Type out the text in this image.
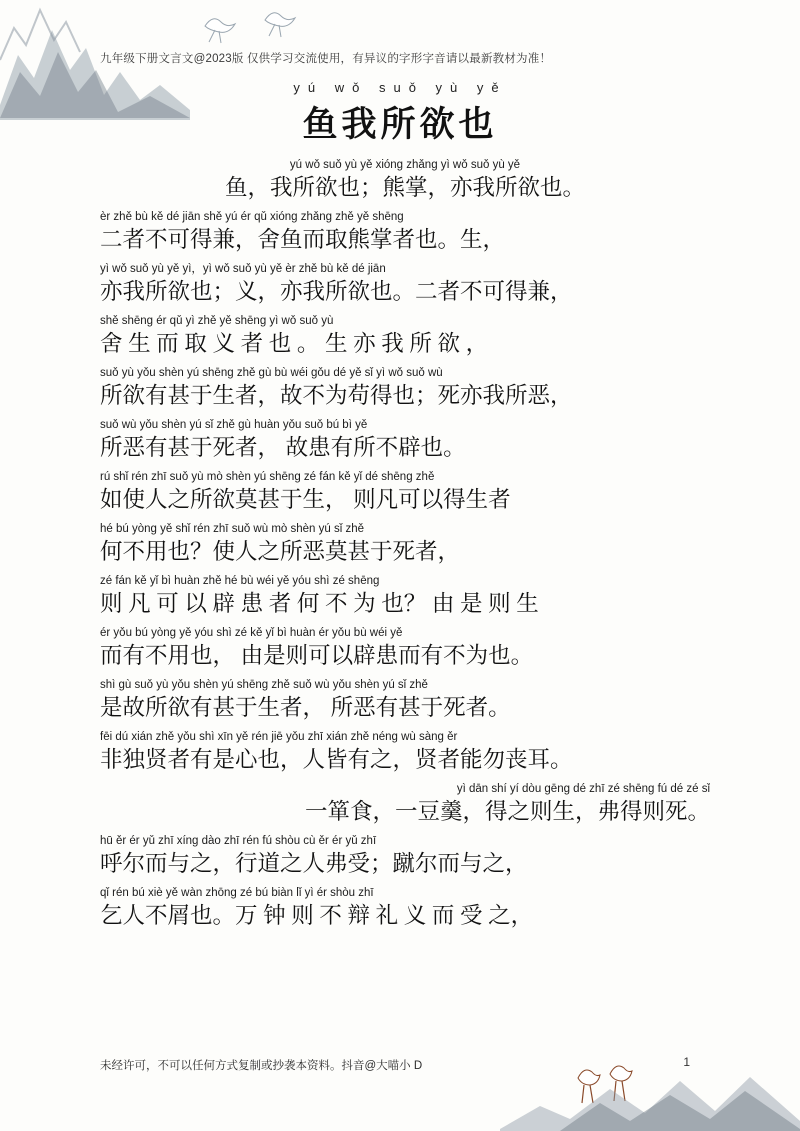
九年级下册文言文@2023版 仅供学习交流使用，有异议的字形字音请以最新教材为准！
yú wǒ suǒ yù yě
鱼我所欲也
yú wǒ suǒ yù yě xióng zhǎng yì wǒ suǒ yù yě
鱼，我所欲也；熊掌，亦我所欲也。
èr zhě bù kě dé jiān shě yú ér qǔ xióng zhǎng zhě yě shēng
二者不可得兼，舍鱼而取熊掌者也。生，
yì wǒ suǒ yù yě yì，yì wǒ suǒ yù yě èr zhě bù kě dé jiān
亦我所欲也；义，亦我所欲也。二者不可得兼，
shě shēng ér qǔ yì zhě yě shēng yì wǒ suǒ yù
舍 生 而 取 义 者 也 。 生 亦 我 所 欲 ，
suǒ yù yǒu shèn yú shēng zhě gù bù wéi gǒu dé yě sǐ yì wǒ suǒ wù
所欲有甚于生者，故不为苟得也；死亦我所恶，
suǒ wù yǒu shèn yú sǐ zhě gù huàn yǒu suǒ bú bì yě
所恶有甚于死者， 故患有所不辟也。
rú shǐ rén zhī suǒ yù mò shèn yú shēng zé fán kě yǐ dé shēng zhě
如使人之所欲莫甚于生， 则凡可以得生者
hé bú yòng yě shǐ rén zhī suǒ wù mò shèn yú sǐ zhě
何不用也？使人之所恶莫甚于死者，
zé fán kě yǐ bì huàn zhě hé bù wéi yě yóu shì zé shēng
则 凡 可 以 辟 患 者 何 不 为 也？ 由 是 则 生
ér yǒu bú yòng yě yóu shì zé kě yǐ bì huàn ér yǒu bù wéi yě
而有不用也， 由是则可以辟患而有不为也。
shì gù suǒ yù yǒu shèn yú shēng zhě suǒ wù yǒu shèn yú sǐ zhě
是故所欲有甚于生者， 所恶有甚于死者。
fēi dú xián zhě yǒu shì xīn yě rén jiē yǒu zhī xián zhě néng wù sàng ěr
非独贤者有是心也，人皆有之，贤者能勿丧耳。
yì dān shí yí dòu gēng dé zhī zé shēng fú dé zé sǐ
一箪食，一豆羹，得之则生，弗得则死。
hū ěr ér yǔ zhī xíng dào zhī rén fú shòu cù ěr ér yǔ zhī
呼尔而与之，行道之人弗受；蹴尔而与之，
qǐ rén bú xiè yě wàn zhōng zé bú biàn lǐ yì ér shòu zhī
乞人不屑也。万 钟 则 不 辩 礼 义 而 受 之，
未经许可，不可以任何方式复制或抄袭本资料。抖音@大喵小 D	1
